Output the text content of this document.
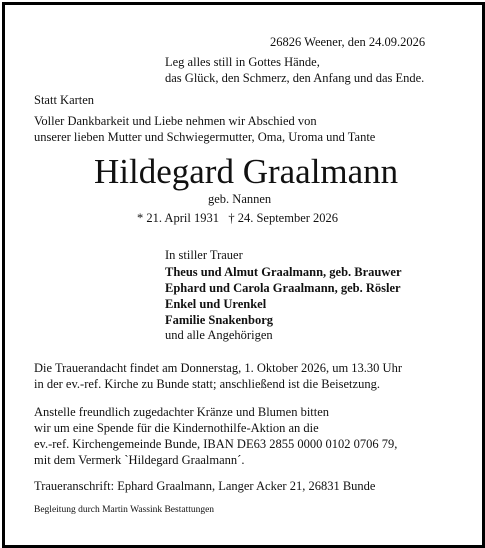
26826 Weener, den 24.09.2026

Leg alles still in Gottes Hände,

das Glück, den Schmerz, den Anfang und das Ende.

Statt Karten

Voller Dankbarkeit und Liebe nehmen wir Abschied von

unserer lieben Mutter und Schwiegermutter, Oma, Uroma und Tante

Hildegard Graalmann

geb. Nannen

* 21. April 1931   † 24. September 2026

In stiller Trauer

Theus und Almut Graalmann, geb. Brauwer

Ephard und Carola Graalmann, geb. Rösler

Enkel und Urenkel

Familie Snakenborg

und alle Angehörigen

Die Trauerandacht findet am Donnerstag, 1. Oktober 2026, um 13.30 Uhr

in der ev.-ref. Kirche zu Bunde statt; anschließend ist die Beisetzung.

Anstelle freundlich zugedachter Kränze und Blumen bitten

wir um eine Spende für die Kindernothilfe-Aktion an die

ev.-ref. Kirchengemeinde Bunde, IBAN DE63 2855 0000 0102 0706 79,

mit dem Vermerk `Hildegard Graalmann´.

Traueranschrift: Ephard Graalmann, Langer Acker 21, 26831 Bunde

Begleitung durch Martin Wassink Bestattungen
